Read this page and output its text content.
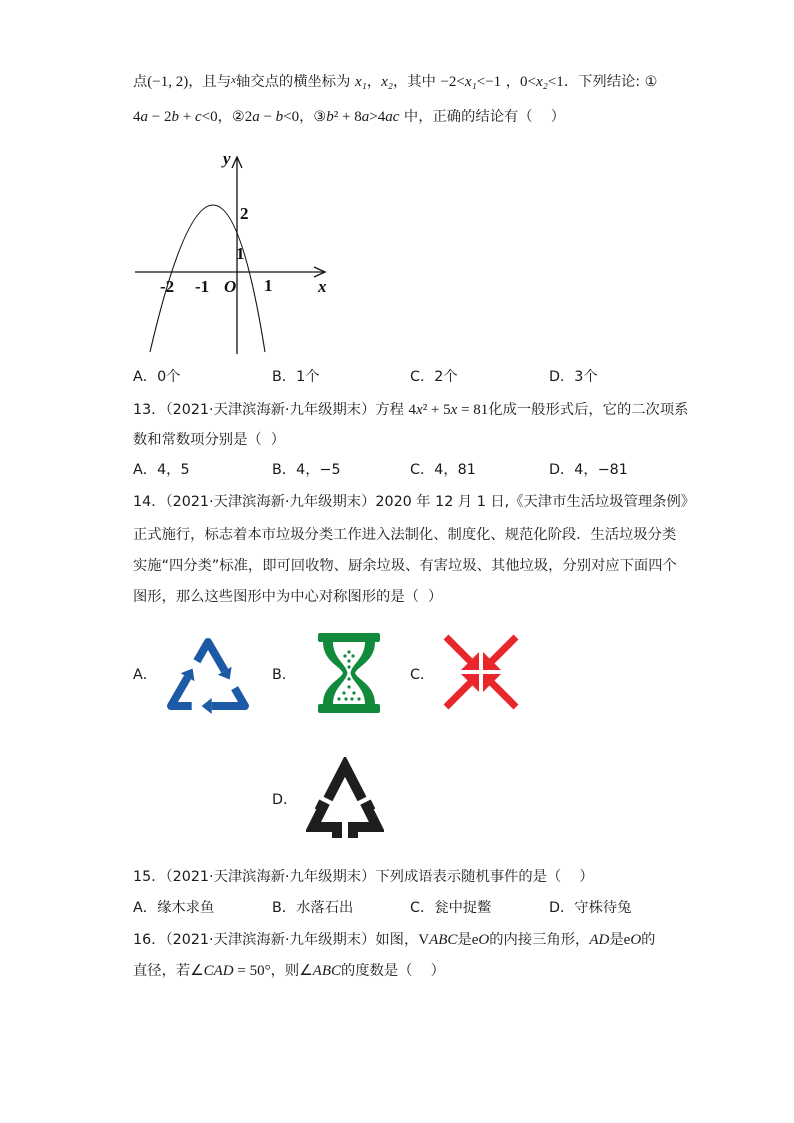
点(−1, 2)，且与$^x$轴交点的横坐标为 x₁，x₂，其中 −2<x₁<−1 ，0<x₂<1．下列结论: ①
4a − 2b + c<0，②2a − b<0，③b² + 8a>4ac 中，正确的结论有（    ）
y
2
1
-2 -1 O 1	x
A．0个	B．1个	C．2个	D．3个
13．（2021·天津滨海新·九年级期末）方程 4x² + 5x = 81化成一般形式后，它的二次项系
数和常数项分别是（  ）
A．4，5	B．4，−5	C．4，81	D．4，−81
14．（2021·天津滨海新·九年级期末）2020 年 12 月 1 日,《天津市生活垃圾管理条例》
正式施行，标志着本市垃圾分类工作进入法制化、制度化、规范化阶段．生活垃圾分类
实施“四分类”标准，即可回收物、厨余垃圾、有害垃圾、其他垃圾，分别对应下面四个
图形，那么这些图形中为中心对称图形的是（  ）
A．	B．	C．
D．
15．（2021·天津滨海新·九年级期末）下列成语表示随机事件的是（    ）
A．缘木求鱼	B．水落石出	C．瓮中捉鳖	D．守株待兔
16．（2021·天津滨海新·九年级期末）如图，VABC是eO的内接三角形，AD是eO的
直径，若∠CAD = 50°，则∠ABC的度数是（    ）
